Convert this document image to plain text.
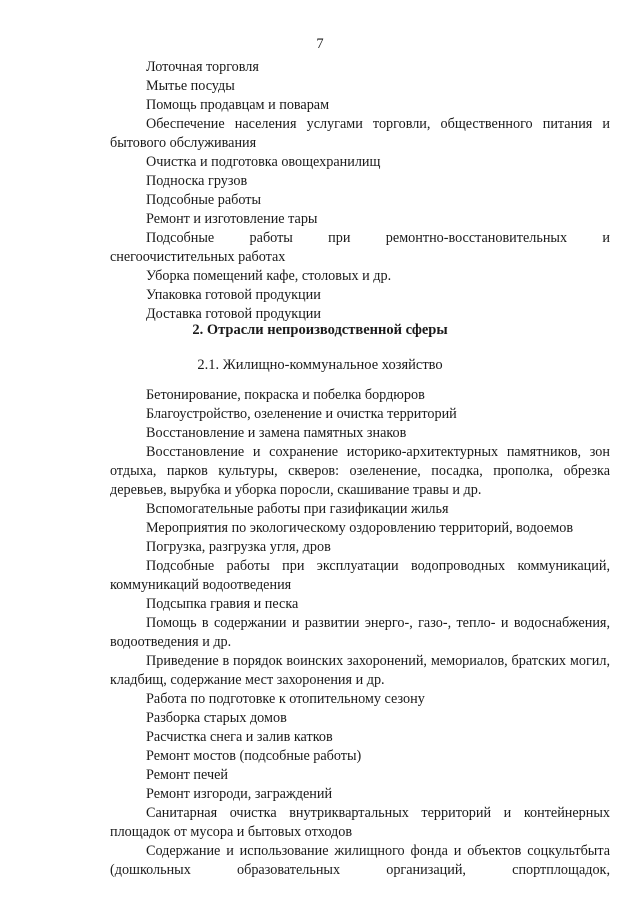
7

Лоточная торговля

Мытье посуды

Помощь продавцам и поварам

Обеспечение населения услугами торговли, общественного питания и бытового обслуживания

Очистка и подготовка овощехранилищ

Подноска грузов

Подсобные работы

Ремонт и изготовление тары

Подсобные работы при ремонтно-восстановительных и снегоочистительных работах

Уборка помещений кафе, столовых и др.

Упаковка готовой продукции

Доставка готовой продукции

2. Отрасли непроизводственной сферы
2.1. Жилищно-коммунальное хозяйство

Бетонирование, покраска и побелка бордюров

Благоустройство, озеленение и очистка территорий

Восстановление и замена памятных знаков

Восстановление и сохранение историко-архитектурных памятников, зон отдыха, парков культуры, скверов: озеленение, посадка, прополка, обрезка деревьев, вырубка и уборка поросли, скашивание травы и др.

Вспомогательные работы при газификации жилья

Мероприятия по экологическому оздоровлению территорий, водоемов

Погрузка, разгрузка угля, дров

Подсобные работы при эксплуатации водопроводных коммуникаций, коммуникаций водоотведения

Подсыпка гравия и песка

Помощь в содержании и развитии энерго-, газо-, тепло- и водоснабжения, водоотведения и др.

Приведение в порядок воинских захоронений, мемориалов, братских могил, кладбищ, содержание мест захоронения и др.

Работа по подготовке к отопительному сезону

Разборка старых домов

Расчистка снега и залив катков

Ремонт мостов (подсобные работы)

Ремонт печей

Ремонт изгороди, заграждений

Санитарная очистка внутриквартальных территорий и контейнерных площадок от мусора и бытовых отходов

Содержание и использование жилищного фонда и объектов соцкультбыта (дошкольных образовательных организаций, спортплощадок,
